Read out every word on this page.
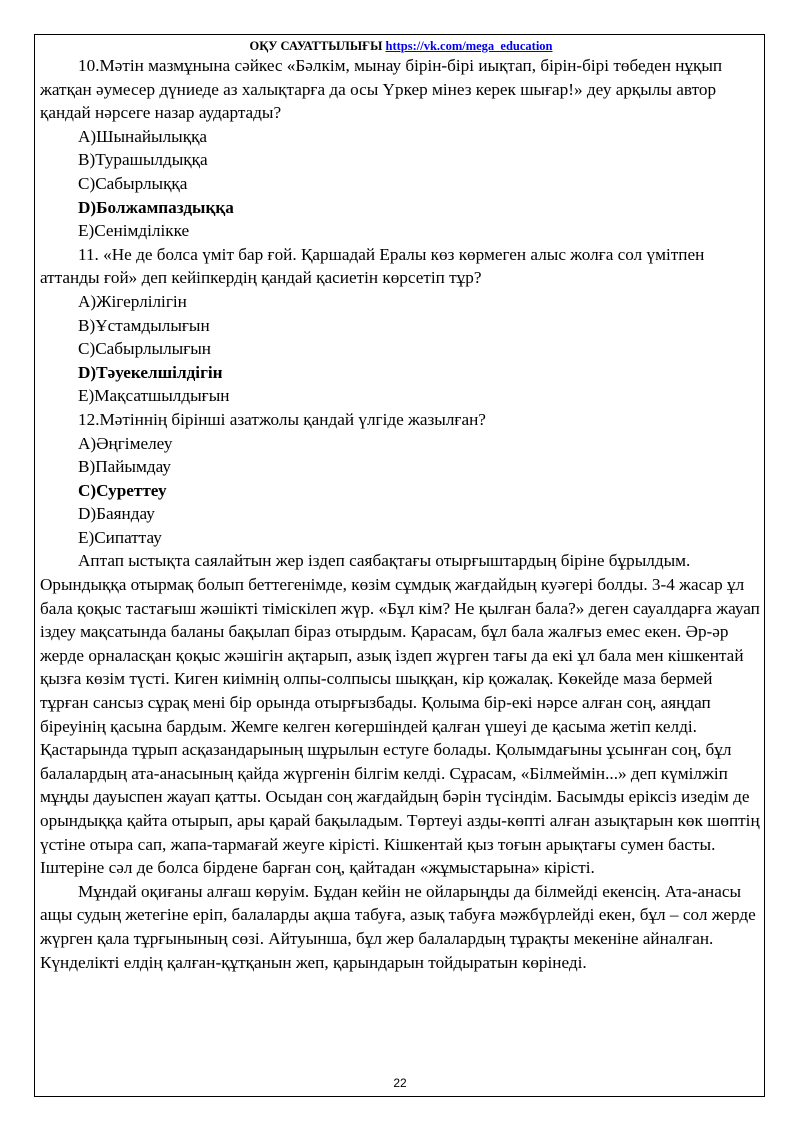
ОҚУ САУАТТЫЛЫҒЫ https://vk.com/mega_education

10.Мәтін мазмұнына сәйкес «Бәлкім, мынау бірін-бірі иықтап, бірін-бірі төбеден нұқып жатқан әумесер дүниеде аз халықтарға да осы Үркер мінез керек шығар!» деу арқылы автор қандай нәрсеге назар аудартады?

A)Шынайылыққа

B)Турашылдыққа

C)Сабырлыққа

D)Болжампаздыққа

E)Сенімділікке

11. «Не де болса үміт бар ғой. Қаршадай Ералы көз көрмеген алыс жолға сол үмітпен аттанды ғой» деп кейіпкердің қандай қасиетін көрсетіп тұр?

A)Жігерлілігін

B)Ұстамдылығын

C)Сабырлылығын

D)Тәуекелшілдігін

E)Мақсатшылдығын

12.Мәтіннің бірінші азатжолы қандай үлгіде жазылған?

A)Әңгімелеу

B)Пайымдау

C)Суреттеу

D)Баяндау

E)Сипаттау

Аптап ыстықта саялайтын жер іздеп саябақтағы отырғыштардың біріне бұрылдым. Орындыққа отырмақ болып беттегенімде, көзім сұмдық жағдайдың куәгері болды. 3-4 жасар ұл бала қоқыс тастағыш жәшікті тіміскілеп жүр. «Бұл кім? Не қылған бала?» деген сауалдарға жауап іздеу мақсатында баланы бақылап біраз отырдым. Қарасам, бұл бала жалғыз емес екен. Әр-әр жерде орналасқан қоқыс жәшігін ақтарып, азық іздеп жүрген тағы да екі ұл бала мен кішкентай қызға көзім түсті. Киген киімнің олпы-солпысы шыққан, кір қожалақ. Көкейде маза бермей тұрған сансыз сұрақ мені бір орында отырғызбады. Қолыма бір-екі нәрсе алған соң, аяңдап біреуінің қасына бардым. Жемге келген көгершіндей қалған үшеуі де қасыма жетіп келді. Қастарында тұрып асқазандарының шұрылын естуге болады. Қолымдағыны ұсынған соң, бұл балалардың ата-анасының қайда жүргенін білгім келді. Сұрасам, «Білмеймін...» деп күмілжіп мұңды дауыспен жауап қатты. Осыдан соң жағдайдың бәрін түсіндім. Басымды еріксіз изедім де орындыққа қайта отырып, ары қарай бақыладым. Төртеуі азды-көпті алған азықтарын көк шөптің үстіне отыра сап, жапа-тармағай жеуге кірісті. Кішкентай қыз тоғын арықтағы сумен басты. Іштеріне сәл де болса бірдене барған соң, қайтадан «жұмыстарына» кірісті.

Мұндай оқиғаны алғаш көруім. Бұдан кейін не ойларыңды да білмейді екенсің. Ата-анасы ащы судың жетегіне еріп, балаларды ақша табуға, азық табуға мәжбүрлейді екен, бұл – сол жерде жүрген қала тұрғынының сөзі. Айтуынша, бұл жер балалардың тұрақты мекеніне айналған. Күнделікті елдің қалған-құтқанын жеп, қарындарын тойдыратын көрінеді.

22
